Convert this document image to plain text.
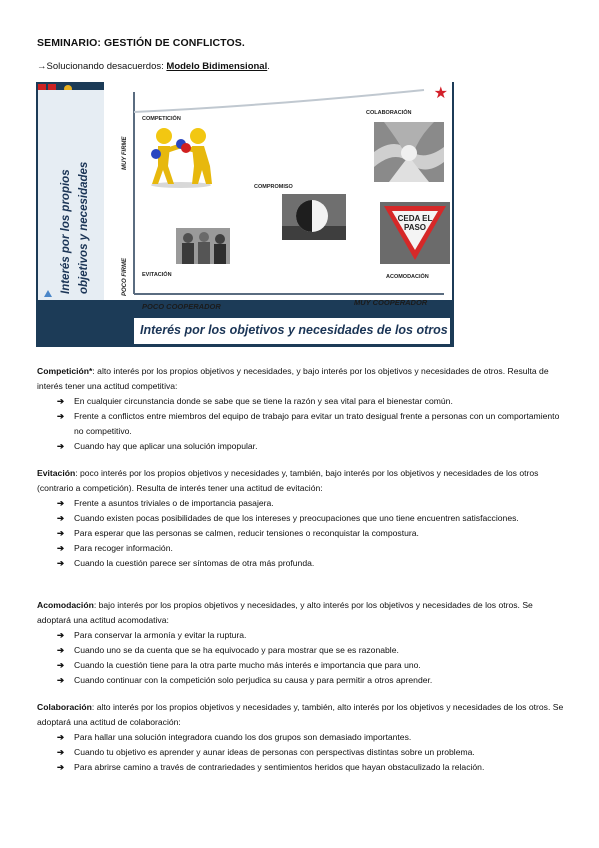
SEMINARIO: GESTIÓN DE CONFLICTOS.
→Solucionando desacuerdos: Modelo Bidimensional.
Interés por los propios objetivos y necesidades
★
MUY FIRME
POCO FIRME
COMPETICIÓN
COLABORACIÓN
COMPROMISO
EVITACIÓN	ACOMODACIÓN
CEDA EL
PASO
POCO COOPERADOR	MUY COOPERADOR
Interés por los objetivos y necesidades de los otros

Competición*: alto interés por los propios objetivos y necesidades, y bajo interés por los objetivos y necesidades de otros. Resulta de interés tener una actitud competitiva:

➔ En cualquier circunstancia donde se sabe que se tiene la razón y sea vital para el bienestar común.
➔ Frente a conflictos entre miembros del equipo de trabajo para evitar un trato desigual frente a personas con un comportamiento no competitivo.
➔ Cuando hay que aplicar una solución impopular.

Evitación: poco interés por los propios objetivos y necesidades y, también, bajo interés por los objetivos y necesidades de los otros (contrario a competición). Resulta de interés tener una actitud de evitación:

➔ Frente a asuntos triviales o de importancia pasajera.
➔ Cuando existen pocas posibilidades de que los intereses y preocupaciones que uno tiene encuentren satisfacciones.
➔ Para esperar que las personas se calmen, reducir tensiones o reconquistar la compostura.
➔ Para recoger información.
➔ Cuando la cuestión parece ser síntomas de otra más profunda.

Acomodación: bajo interés por los propios objetivos y necesidades, y alto interés por los objetivos y necesidades de los otros. Se adoptará una actitud acomodativa:

➔ Para conservar la armonía y evitar la ruptura.
➔ Cuando uno se da cuenta que se ha equivocado y para mostrar que se es razonable.
➔ Cuando la cuestión tiene para la otra parte mucho más interés e importancia que para uno.
➔ Cuando continuar con la competición solo perjudica su causa y para permitir a otros aprender.

Colaboración: alto interés por los propios objetivos y necesidades y, también, alto interés por los objetivos y necesidades de los otros. Se adoptará una actitud de colaboración:

➔ Para hallar una solución integradora cuando los dos grupos son demasiado importantes.
➔ Cuando tu objetivo es aprender y aunar ideas de personas con perspectivas distintas sobre un problema.
➔ Para abrirse camino a través de contrariedades y sentimientos heridos que hayan obstaculizado la relación.
